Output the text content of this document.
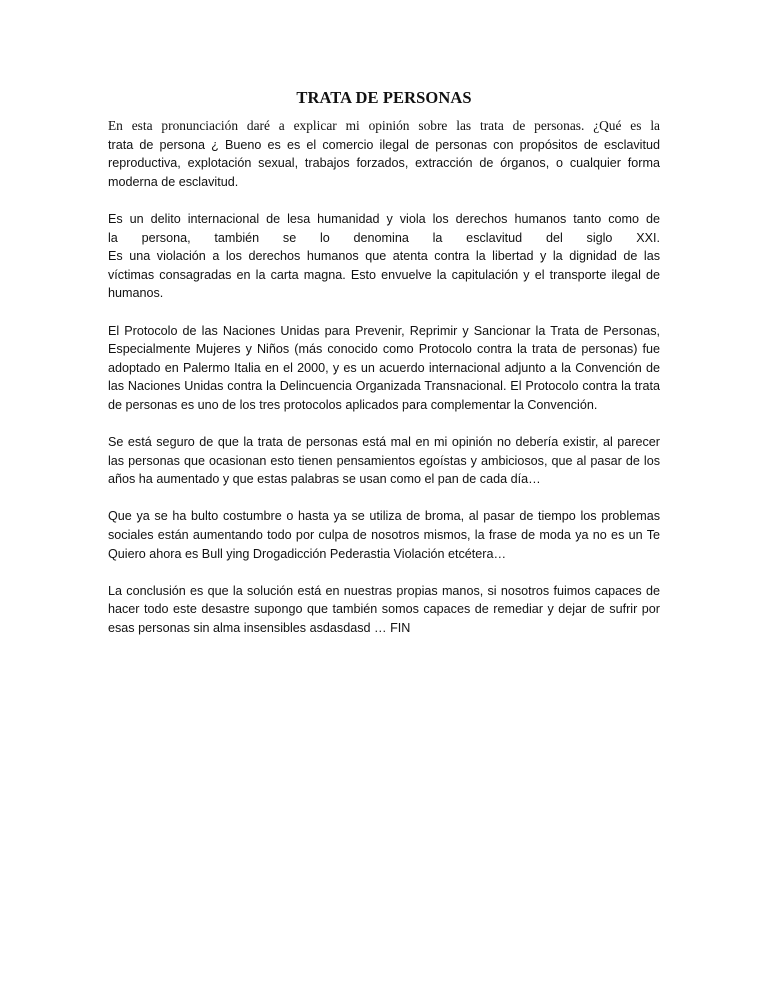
TRATA DE PERSONAS

En esta pronunciación daré a explicar mi opinión sobre las trata de personas. ¿Qué es la
trata de persona ¿ Bueno es es el comercio ilegal de personas con propósitos de esclavitud reproductiva, explotación sexual, trabajos forzados, extracción de órganos, o cualquier forma moderna de esclavitud.

Es un delito internacional de lesa humanidad y viola los derechos humanos tanto como de
la persona, también se lo denomina la esclavitud del siglo XXI.
Es una violación a los derechos humanos que atenta contra la libertad y la dignidad de las víctimas consagradas en la carta magna. Esto envuelve la capitulación y el transporte ilegal de humanos.

El Protocolo de las Naciones Unidas para Prevenir, Reprimir y Sancionar la Trata de Personas, Especialmente Mujeres y Niños (más conocido como Protocolo contra la trata de personas) fue adoptado en Palermo Italia en el 2000, y es un acuerdo internacional adjunto a la Convención de las Naciones Unidas contra la Delincuencia Organizada Transnacional. El Protocolo contra la trata de personas es uno de los tres protocolos aplicados para complementar la Convención.

Se está seguro de que la trata de personas está mal en mi opinión no debería existir, al parecer las personas que ocasionan esto tienen pensamientos egoístas y ambiciosos, que al pasar de los años ha aumentado y que estas palabras se usan como el pan de cada día…

Que ya se ha bulto costumbre o hasta ya se utiliza de broma, al pasar de tiempo los problemas sociales están aumentando todo por culpa de nosotros mismos, la frase de moda ya no es un Te Quiero ahora es Bull ying Drogadicción Pederastia Violación etcétera…

La conclusión es que la solución está en nuestras propias manos, si nosotros fuimos capaces de hacer todo este desastre supongo que también somos capaces de remediar y dejar de sufrir por esas personas sin alma insensibles asdasdasd … FIN
